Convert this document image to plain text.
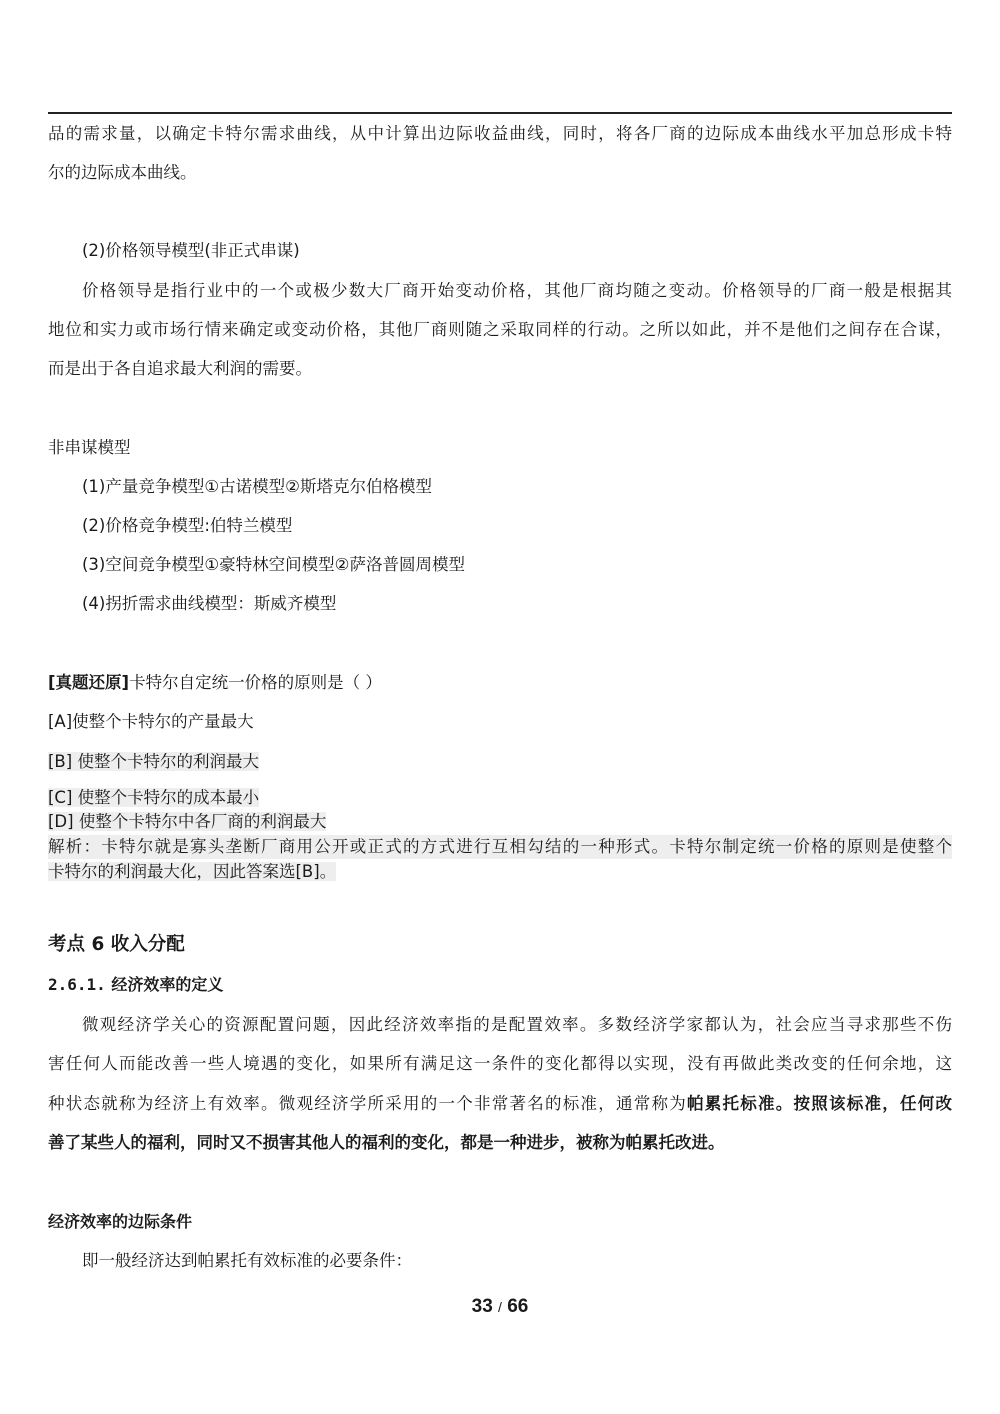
品的需求量，以确定卡特尔需求曲线，从中计算出边际收益曲线，同时，将各厂商的边际成本曲线水平加总形成卡特
尔的边际成本曲线。
(2)价格领导模型(非正式串谋)
价格领导是指行业中的一个或极少数大厂商开始变动价格，其他厂商均随之变动。价格领导的厂商一般是根据其
地位和实力或市场行情来确定或变动价格，其他厂商则随之采取同样的行动。之所以如此，并不是他们之间存在合谋，
而是出于各自追求最大利润的需要。
非串谋模型
(1)产量竞争模型①古诺模型②斯塔克尔伯格模型
(2)价格竞争模型:伯特兰模型
(3)空间竞争模型①豪特林空间模型②萨洛普圆周模型
(4)拐折需求曲线模型：斯威齐模型
[真题还原]卡特尔自定统一价格的原则是（ ）
[A]使整个卡特尔的产量最大
[B] 使整个卡特尔的利润最大
[C] 使整个卡特尔的成本最小
[D] 使整个卡特尔中各厂商的利润最大
解析：卡特尔就是寡头垄断厂商用公开或正式的方式进行互相勾结的一种形式。卡特尔制定统一价格的原则是使整个
卡特尔的利润最大化，因此答案选[B]。
考点 6 收入分配
2.6.1. 经济效率的定义
微观经济学关心的资源配置问题，因此经济效率指的是配置效率。多数经济学家都认为，社会应当寻求那些不伤
害任何人而能改善一些人境遇的变化，如果所有满足这一条件的变化都得以实现，没有再做此类改变的任何余地，这
种状态就称为经济上有效率。微观经济学所采用的一个非常著名的标准，通常称为帕累托标准。按照该标准，任何改
善了某些人的福利，同时又不损害其他人的福利的变化，都是一种进步，被称为帕累托改进。
经济效率的边际条件
即一般经济达到帕累托有效标准的必要条件：
33 / 66
